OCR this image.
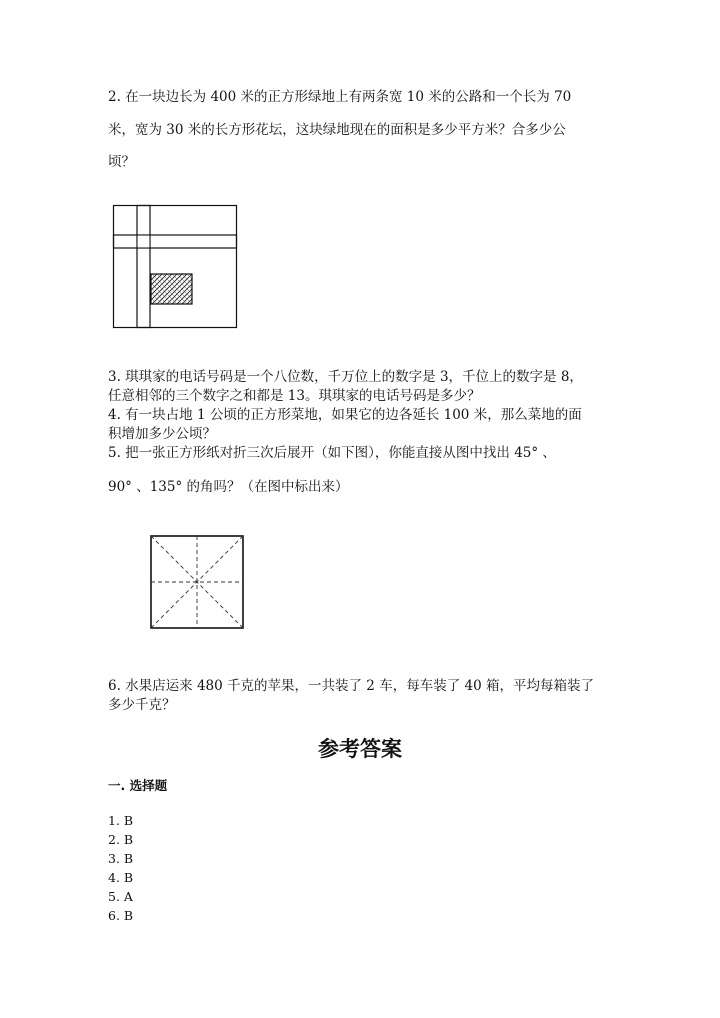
2. 在一块边长为 400 米的正方形绿地上有两条宽 10 米的公路和一个长为 70
米，宽为 30 米的长方形花坛，这块绿地现在的面积是多少平方米？合多少公
顷？
3. 琪琪家的电话号码是一个八位数，千万位上的数字是 3，千位上的数字是 8，
任意相邻的三个数字之和都是 13。琪琪家的电话号码是多少？
4. 有一块占地 1 公顷的正方形菜地，如果它的边各延长 100 米，那么菜地的面
积增加多少公顷？
5. 把一张正方形纸对折三次后展开（如下图），你能直接从图中找出 45° 、
90° 、135° 的角吗？（在图中标出来）
6. 水果店运来 480 千克的苹果，一共装了 2 车，每车装了 40 箱，平均每箱装了
多少千克？
参考答案
一. 选择题
1. B
2. B
3. B
4. B
5. A
6. B
